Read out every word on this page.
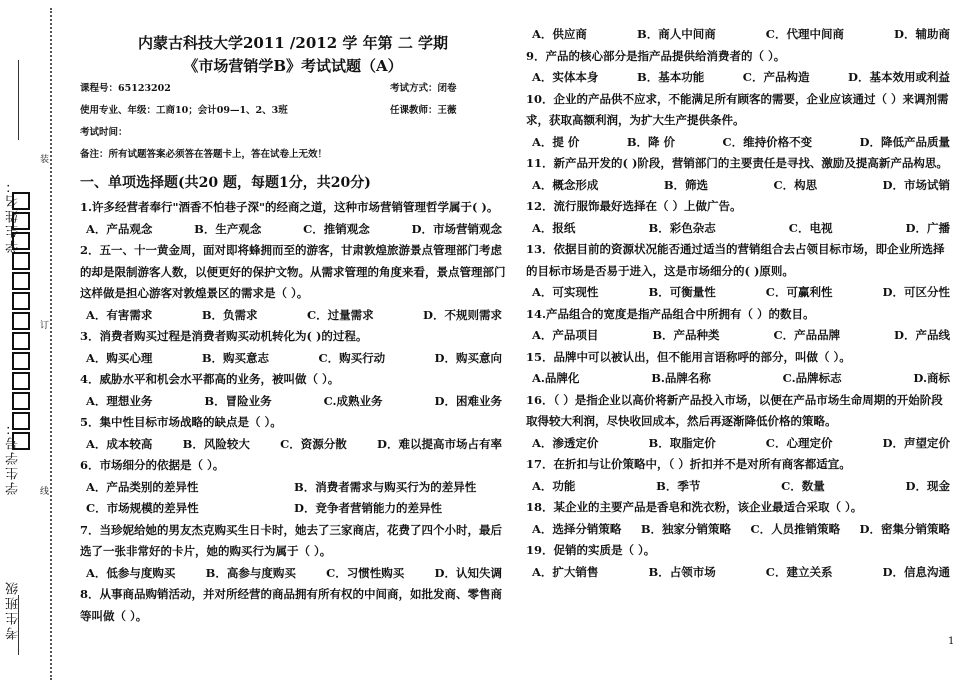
考生班级
学生学号：
学生姓名：
装
订
线
内蒙古科技大学2011 /2012 学 年第 二 学期
《市场营销学B》考试试题（A）
课程号：65123202	考试方式：闭卷
使用专业、年级：工商10；会计09—1、2、3班	任课教师：王薇
考试时间：
备注：所有试题答案必须答在答题卡上，答在试卷上无效！
一、单项选择题(共20 题，每题1分，共20分)
1.许多经营者奉行"酒香不怕巷子深"的经商之道，这种市场营销管理哲学属于( )。
A．产品观念	B．生产观念	C．推销观念	D．市场营销观念
2．五一、十一黄金周，面对即将蜂拥而至的游客，甘肃敦煌旅游景点管理部门考虑的却是限制游客人数，以便更好的保护文物。从需求管理的角度来看，景点管理部门这样做是担心游客对敦煌景区的需求是（ ）。
A．有害需求	B．负需求	C．过量需求	D．不规则需求
3．消费者购买过程是消费者购买动机转化为( )的过程。
A．购买心理	B．购买意志	C．购买行动	D．购买意向
4．威胁水平和机会水平都高的业务，被叫做（ ）。
A．理想业务	B．冒险业务	C.成熟业务	D．困难业务
5．集中性目标市场战略的缺点是（ ）。
A．成本较高	B．风险较大	C．资源分散	D．难以提高市场占有率
6．市场细分的依据是（ ）。
A．产品类别的差异性	B．消费者需求与购买行为的差异性
C．市场规模的差异性	D．竞争者营销能力的差异性
7．当珍妮给她的男友杰克购买生日卡时，她去了三家商店，花费了四个小时，最后选了一张非常好的卡片，她的购买行为属于（ ）。
A．低参与度购买	B．高参与度购买	C．习惯性购买	D．认知失调
8．从事商品购销活动，并对所经营的商品拥有所有权的中间商，如批发商、零售商等叫做（ ）。
A．供应商	B．商人中间商	C．代理中间商	D．辅助商
9．产品的核心部分是指产品提供给消费者的（ ）。
A．实体本身	B．基本功能	C．产品构造	D．基本效用或利益
10．企业的产品供不应求，不能满足所有顾客的需要，企业应该通过（ ）来调剂需求，获取高额利润，为扩大生产提供条件。
A．提 价	B．降 价	C．维持价格不变	D．降低产品质量
11．新产品开发的( )阶段，营销部门的主要责任是寻找、激励及提高新产品构思。
A．概念形成	B．筛选	C．构思	D．市场试销
12．流行服饰最好选择在（ ）上做广告。
A．报纸	B．彩色杂志	C．电视	D．广播
13．依据目前的资源状况能否通过适当的营销组合去占领目标市场，即企业所选择的目标市场是否易于进入，这是市场细分的( )原则。
A．可实现性	B．可衡量性	C．可赢利性	D．可区分性
14.产品组合的宽度是指产品组合中所拥有（ ）的数目。
A．产品项目	B．产品种类	C．产品品牌	D．产品线
15．品牌中可以被认出，但不能用言语称呼的部分，叫做（ ）。
A.品牌化	B.品牌名称	C.品牌标志	D.商标
16．（ ）是指企业以高价将新产品投入市场，以便在产品市场生命周期的开始阶段取得较大利润，尽快收回成本，然后再逐渐降低价格的策略。
A．渗透定价	B．取脂定价	C．心理定价	D．声望定价
17．在折扣与让价策略中，（ ）折扣并不是对所有商客都适宜。
A．功能	B．季节	C．数量	D．现金
18．某企业的主要产品是香皂和洗衣粉，该企业最适合采取（ ）。
A．选择分销策略 B．独家分销策略 C．人员推销策略 D．密集分销策略
19．促销的实质是（ ）。
A．扩大销售	B．占领市场	C．建立关系	D．信息沟通
1
